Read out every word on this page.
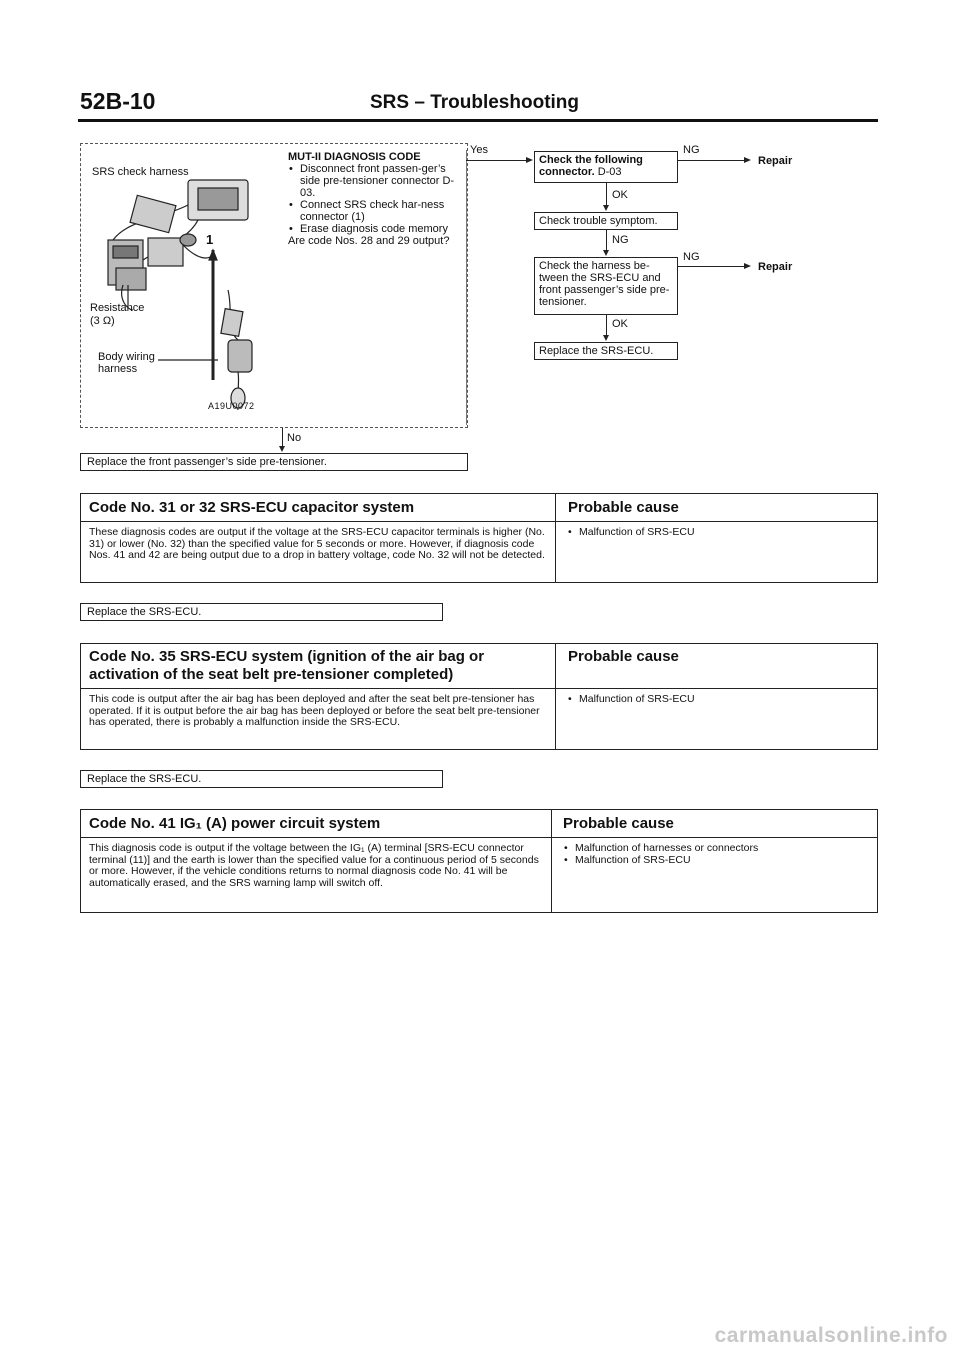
52B-10	SRS – Troubleshooting
1
SRS check harness
Resistance
(3 Ω)
Body wiring
harness
A19U0072
MUT-II DIAGNOSIS CODE
• Disconnect front passen-ger’s side pre-tensioner connector D-03.
• Connect SRS check har-ness connector (1)
• Erase diagnosis code memory
Are code Nos. 28 and 29 output?
Yes
Check the following connector. D-03
NG
Repair
OK
Check trouble symptom.
NG
Check the harness be-tween the SRS-ECU and front passenger’s side pre-tensioner.
NG
Repair
OK
Replace the SRS-ECU.
No
Replace the front passenger’s side pre-tensioner.
Code No. 31 or 32 SRS-ECU capacitor system	Probable cause
These diagnosis codes are output if the voltage at the SRS-ECU capacitor terminals is higher (No. 31) or lower (No. 32) than the specified value for 5 seconds or more. However, if diagnosis code Nos. 41 and 42 are being output due to a drop in battery voltage, code No. 32 will not be detected.
• Malfunction of SRS-ECU
Replace the SRS-ECU.
Code No. 35 SRS-ECU system (ignition of the air bag or activation of the seat belt pre-tensioner completed)
Probable cause
This code is output after the air bag has been deployed and after the seat belt pre-tensioner has operated. If it is output before the air bag has been deployed or before the seat belt pre-tensioner has operated, there is probably a malfunction inside the SRS-ECU.
• Malfunction of SRS-ECU
Replace the SRS-ECU.
Code No. 41 IG₁ (A) power circuit system	Probable cause
This diagnosis code is output if the voltage between the IG₁ (A) terminal [SRS-ECU connector terminal (11)] and the earth is lower than the specified value for a continuous period of 5 seconds or more. However, if the vehicle conditions returns to normal diagnosis code No. 41 will be automatically erased, and the SRS warning lamp will switch off.
• Malfunction of harnesses or connectors
• Malfunction of SRS-ECU
carmanualsonline.info
